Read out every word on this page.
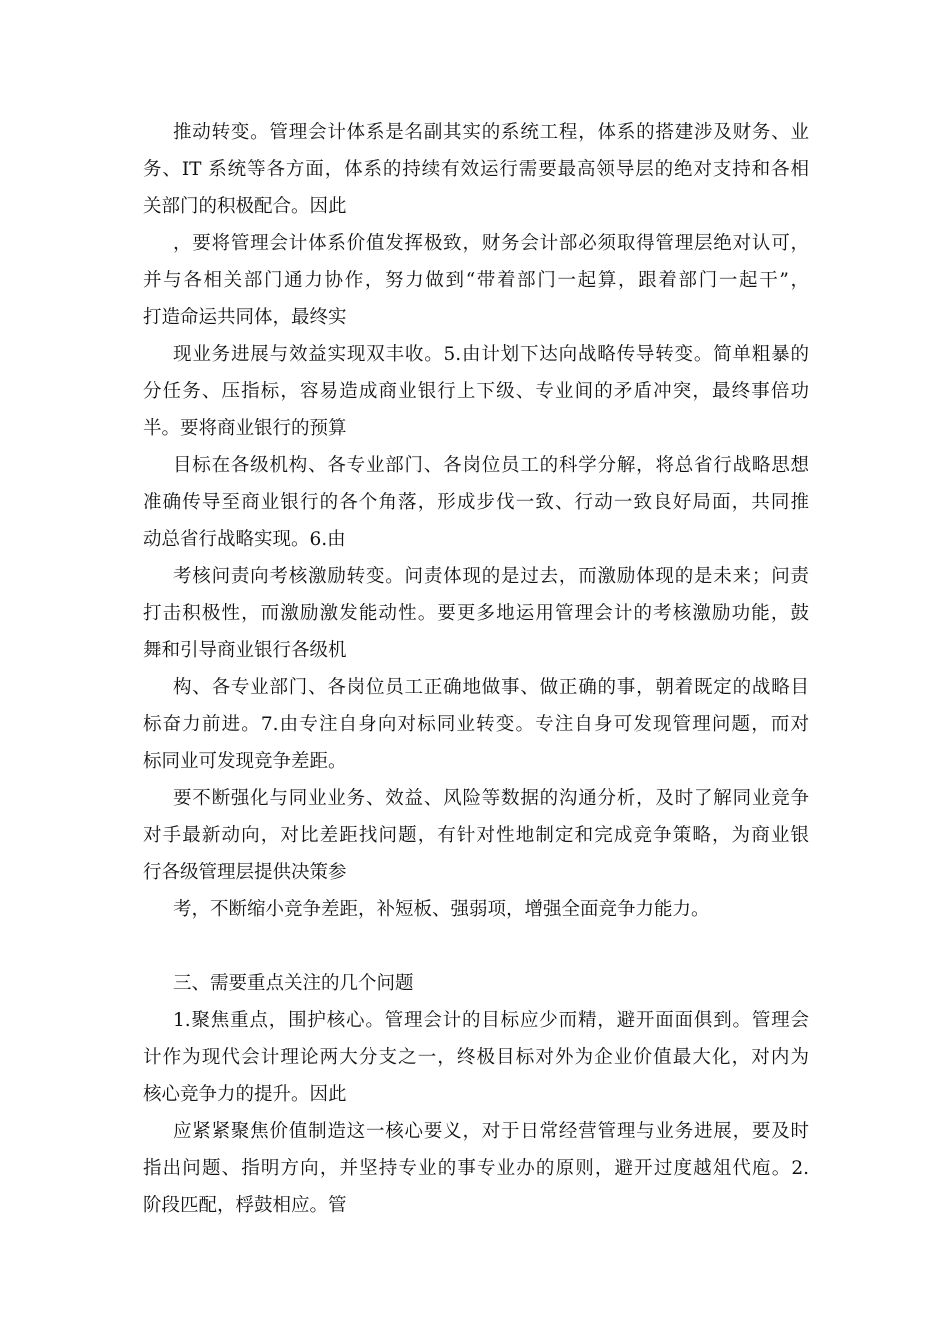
推动转变。管理会计体系是名副其实的系统工程，体系的搭建涉及财务、业
务、IT 系统等各方面，体系的持续有效运行需要最高领导层的绝对支持和各相
关部门的积极配合。因此
，要将管理会计体系价值发挥极致，财务会计部必须取得管理层绝对认可，
并与各相关部门通力协作，努力做到“带着部门一起算，跟着部门一起干”，
打造命运共同体，最终实
现业务进展与效益实现双丰收。5.由计划下达向战略传导转变。简单粗暴的
分任务、压指标，容易造成商业银行上下级、专业间的矛盾冲突，最终事倍功
半。要将商业银行的预算
目标在各级机构、各专业部门、各岗位员工的科学分解，将总省行战略思想
准确传导至商业银行的各个角落，形成步伐一致、行动一致良好局面，共同推
动总省行战略实现。6.由
考核问责向考核激励转变。问责体现的是过去，而激励体现的是未来；问责
打击积极性，而激励激发能动性。要更多地运用管理会计的考核激励功能，鼓
舞和引导商业银行各级机
构、各专业部门、各岗位员工正确地做事、做正确的事，朝着既定的战略目
标奋力前进。7.由专注自身向对标同业转变。专注自身可发现管理问题，而对
标同业可发现竞争差距。
要不断强化与同业业务、效益、风险等数据的沟通分析，及时了解同业竞争
对手最新动向，对比差距找问题，有针对性地制定和完成竞争策略，为商业银
行各级管理层提供决策参
考，不断缩小竞争差距，补短板、强弱项，增强全面竞争力能力。
三、需要重点关注的几个问题
1.聚焦重点，围护核心。管理会计的目标应少而精，避开面面俱到。管理会
计作为现代会计理论两大分支之一，终极目标对外为企业价值最大化，对内为
核心竞争力的提升。因此
应紧紧聚焦价值制造这一核心要义，对于日常经营管理与业务进展，要及时
指出问题、指明方向，并坚持专业的事专业办的原则，避开过度越俎代庖。2.
阶段匹配，桴鼓相应。管
